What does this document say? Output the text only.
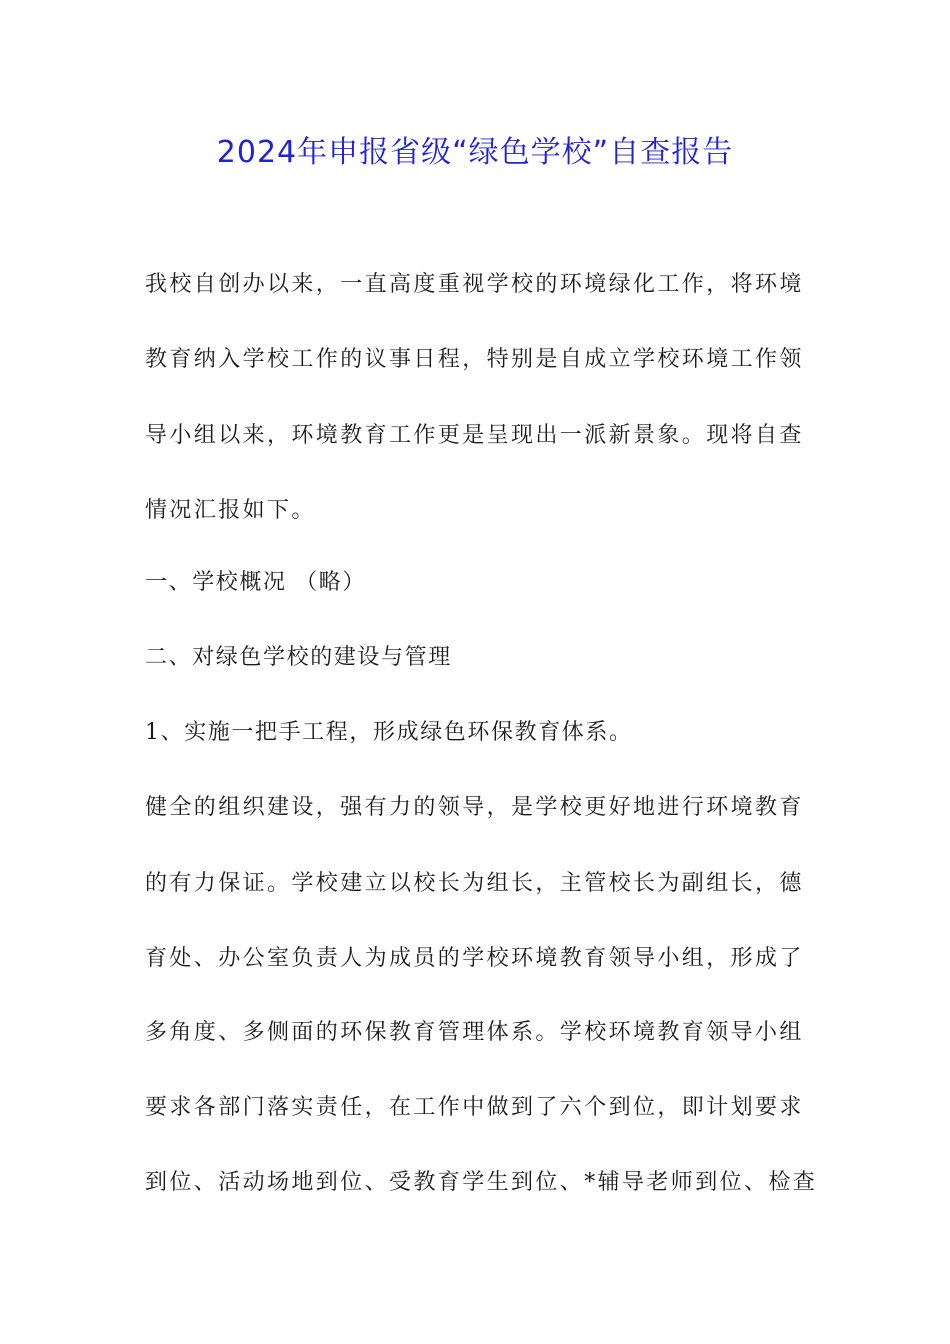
2024年申报省级“绿色学校”自查报告

我校自创办以来，一直高度重视学校的环境绿化工作，将环境

教育纳入学校工作的议事日程，特别是自成立学校环境工作领

导小组以来，环境教育工作更是呈现出一派新景象。现将自查

情况汇报如下。

一、学校概况 （略）

二、对绿色学校的建设与管理

1、实施一把手工程，形成绿色环保教育体系。

健全的组织建设，强有力的领导，是学校更好地进行环境教育

的有力保证。学校建立以校长为组长，主管校长为副组长，德

育处、办公室负责人为成员的学校环境教育领导小组，形成了

多角度、多侧面的环保教育管理体系。学校环境教育领导小组

要求各部门落实责任，在工作中做到了六个到位，即计划要求

到位、活动场地到位、受教育学生到位、*辅导老师到位、检查
